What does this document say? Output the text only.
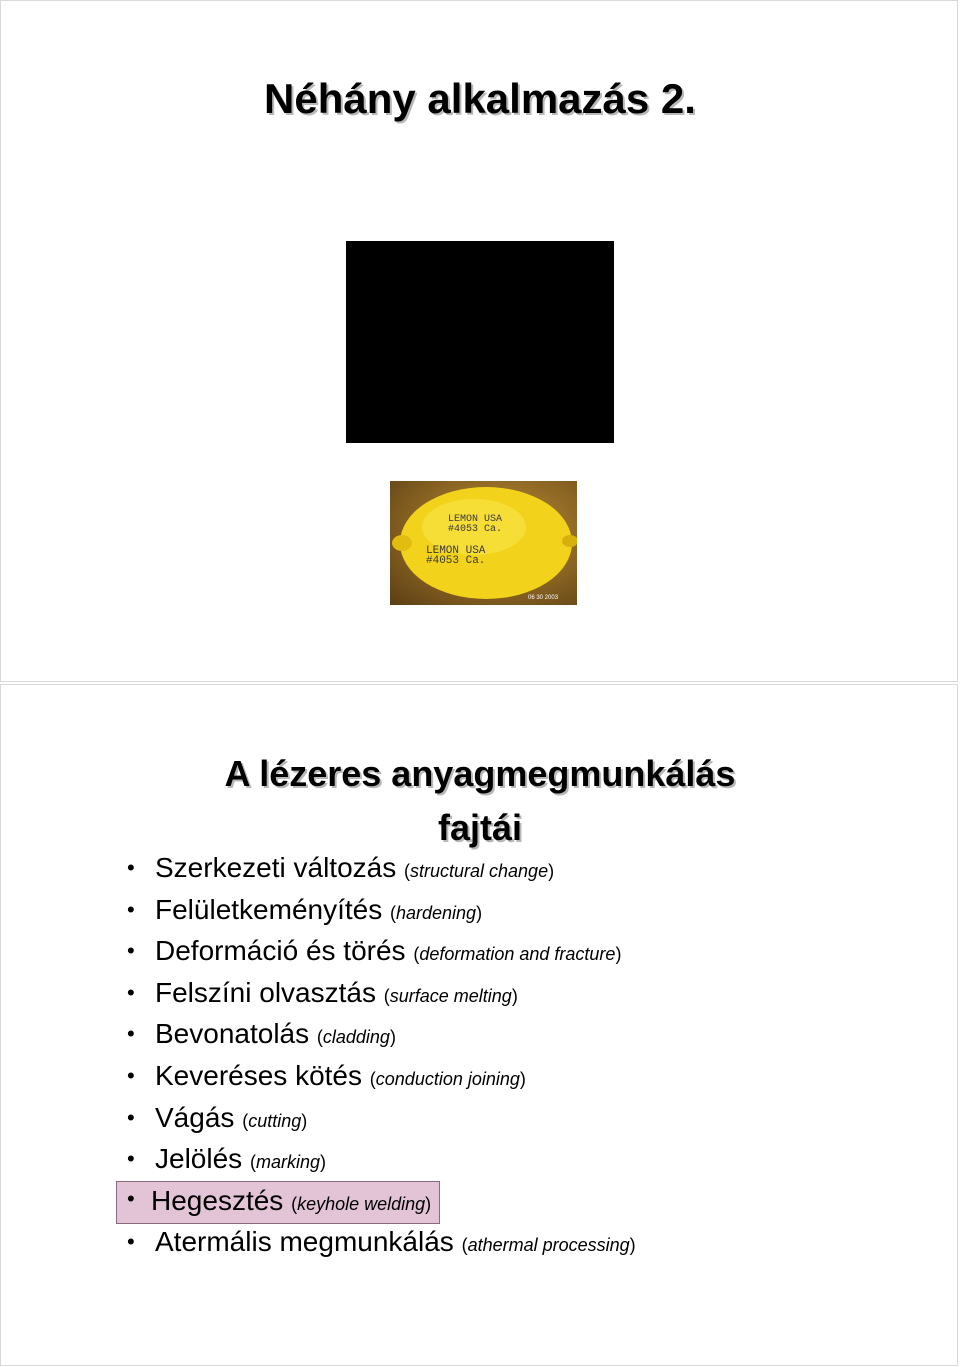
Néhány alkalmazás 2.
LEMON USA
#4053 Ca.
LEMON USA
#4053 Ca.
06 30 2003
A lézeres anyagmegmunkálás
fajtái
• Szerkezeti változás (structural change)
• Felületkeményítés (hardening)
• Deformáció és törés (deformation and fracture)
• Felszíni olvasztás (surface melting)
• Bevonatolás (cladding)
• Keveréses kötés (conduction joining)
• Vágás (cutting)
• Jelölés (marking)
• Hegesztés (keyhole welding)
• Atermális megmunkálás (athermal processing)
